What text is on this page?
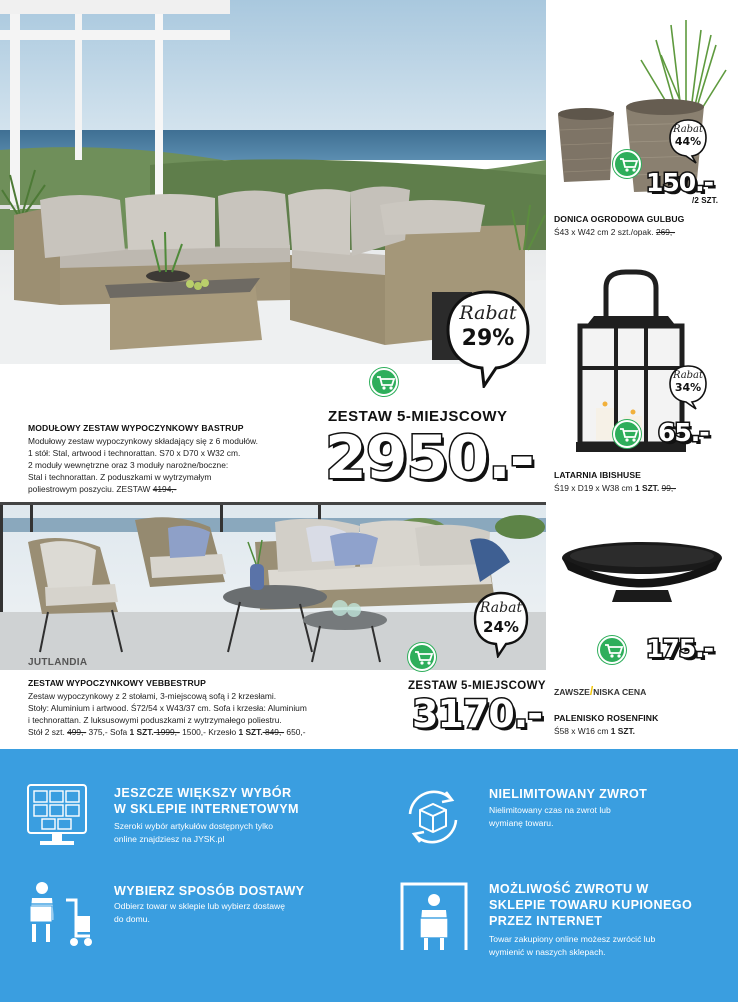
Rabat
44%
150.-
/2 SZT.
DONICA OGRODOWA GULBUG
Ś43 x W42 cm 2 szt./opak. 269,-
Rabat
34%
65.-
LATARNIA IBISHUSE
Ś19 x D19 x W38 cm 1 SZT. 99,-
175.-
ZAWSZE/NISKA CENA
PALENISKO ROSENFINK
Ś58 x W16 cm 1 SZT.
MODUŁOWY ZESTAW WYPOCZYNKOWY BASTRUP
Modułowy zestaw wypoczynkowy składający się z 6 modułów.
1 stół: Stal, artwood i technorattan. S70 x D70 x W32 cm.
2 moduły wewnętrzne oraz 3 moduły narożne/boczne:
Stal i technorattan. Z poduszkami w wytrzymałym
poliestrowym poszyciu. ZESTAW 4194,-
Rabat
29%
ZESTAW 5-MIEJSCOWY
2950.-
JUTLANDIA
Rabat
24%
ZESTAW WYPOCZYNKOWY VEBBESTRUP
Zestaw wypoczynkowy z 2 stołami, 3-miejscową sofą i 2 krzesłami.
Stoły: Aluminium i artwood. Ś72/54 x W43/37 cm. Sofa i krzesła: Aluminium
i technorattan. Z luksusowymi poduszkami z wytrzymałego poliestru.
Stół 2 szt. 499,- 375,- Sofa 1 SZT. 1999,- 1500,- Krzesło 1 SZT. 849,- 650,-
ZESTAW 5-MIEJSCOWY
3170.-
JESZCZE WIĘKSZY WYBÓR
W SKLEPIE INTERNETOWYM
Szeroki wybór artykułów dostępnych tylko
online znajdziesz na JYSK.pl
NIELIMITOWANY ZWROT
Nielimitowany czas na zwrot lub
wymianę towaru.
WYBIERZ SPOSÓB DOSTAWY
Odbierz towar w sklepie lub wybierz dostawę
do domu.
MOŻLIWOŚĆ ZWROTU W
SKLEPIE TOWARU KUPIONEGO
PRZEZ INTERNET
Towar zakupiony online możesz zwrócić lub
wymienić w naszych sklepach.
